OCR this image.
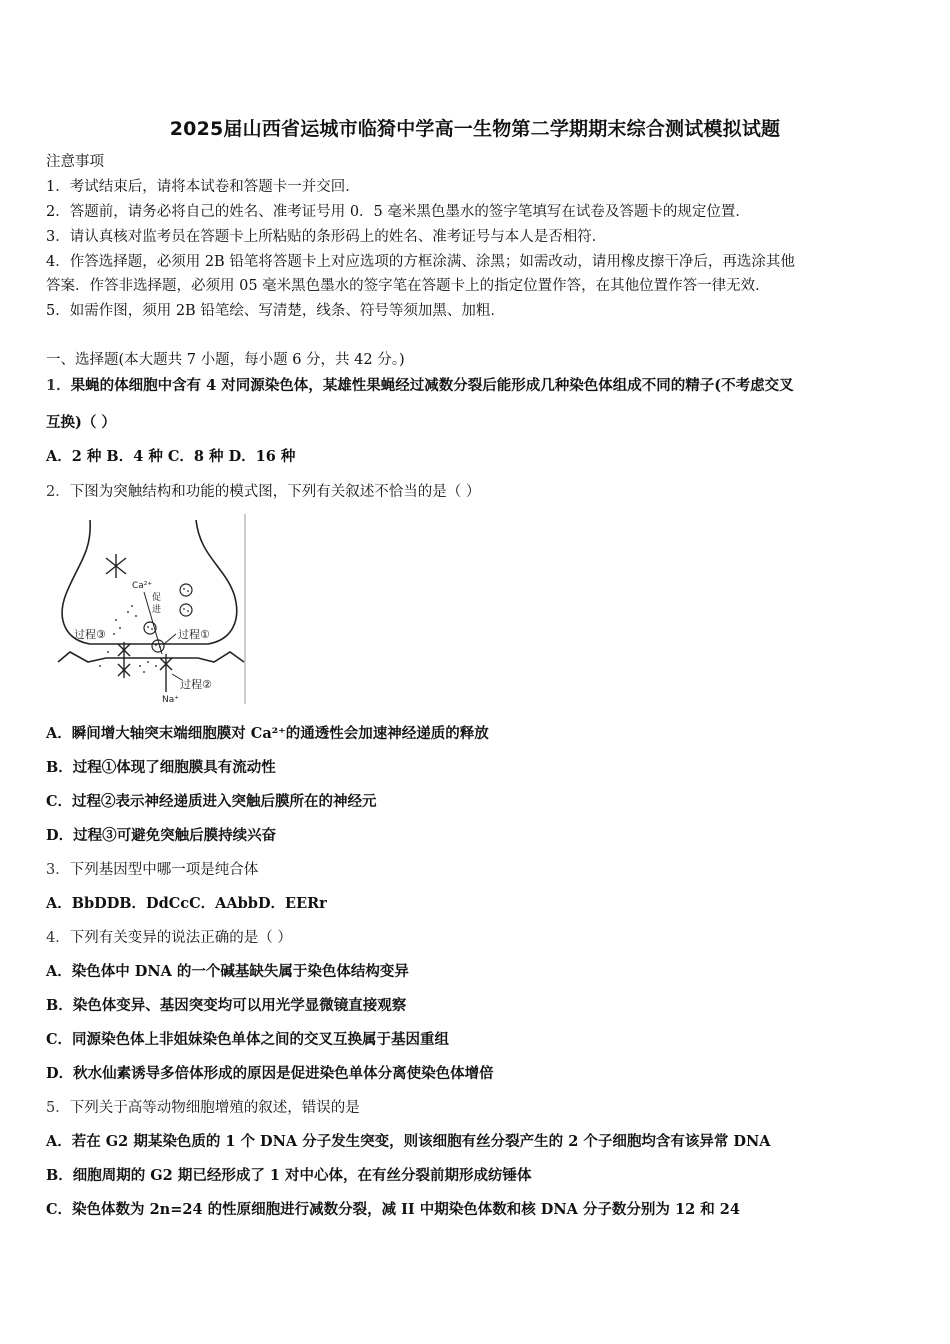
2025届山西省运城市临猗中学高一生物第二学期期末综合测试模拟试题
注意事项
1．考试结束后，请将本试卷和答题卡一并交回．
2．答题前，请务必将自己的姓名、准考证号用 0．5 毫米黑色墨水的签字笔填写在试卷及答题卡的规定位置．
3．请认真核对监考员在答题卡上所粘贴的条形码上的姓名、准考证号与本人是否相符．
4．作答选择题，必须用 2B 铅笔将答题卡上对应选项的方框涂满、涂黑；如需改动，请用橡皮擦干净后，再选涂其他
答案．作答非选择题，必须用 05 毫米黑色墨水的签字笔在答题卡上的指定位置作答，在其他位置作答一律无效．
5．如需作图，须用 2B 铅笔绘、写清楚，线条、符号等须加黑、加粗．
一、选择题(本大题共 7 小题，每小题 6 分，共 42 分。)
1．果蝇的体细胞中含有 4 对同源染色体，某雄性果蝇经过减数分裂后能形成几种染色体组成不同的精子(不考虑交叉
互换)（ ）
A．2 种 B．4 种 C．8 种 D．16 种
2．下图为突触结构和功能的模式图，下列有关叙述不恰当的是（ ）
Ca²⁺
促
进
过程①
过程③
Na⁺
过程②
A．瞬间增大轴突末端细胞膜对 Ca²⁺的通透性会加速神经递质的释放
B．过程①体现了细胞膜具有流动性
C．过程②表示神经递质进入突触后膜所在的神经元
D．过程③可避免突触后膜持续兴奋
3．下列基因型中哪一项是纯合体
A．BbDDB．DdCcC．AAbbD．EERr
4．下列有关变异的说法正确的是（ ）
A．染色体中 DNA 的一个碱基缺失属于染色体结构变异
B．染色体变异、基因突变均可以用光学显微镜直接观察
C．同源染色体上非姐妹染色单体之间的交叉互换属于基因重组
D．秋水仙素诱导多倍体形成的原因是促进染色单体分离使染色体增倍
5．下列关于高等动物细胞增殖的叙述，错误的是
A．若在 G2 期某染色质的 1 个 DNA 分子发生突变，则该细胞有丝分裂产生的 2 个子细胞均含有该异常 DNA
B．细胞周期的 G2 期已经形成了 1 对中心体，在有丝分裂前期形成纺锤体
C．染色体数为 2n=24 的性原细胞进行减数分裂，减 II 中期染色体数和核 DNA 分子数分别为 12 和 24
